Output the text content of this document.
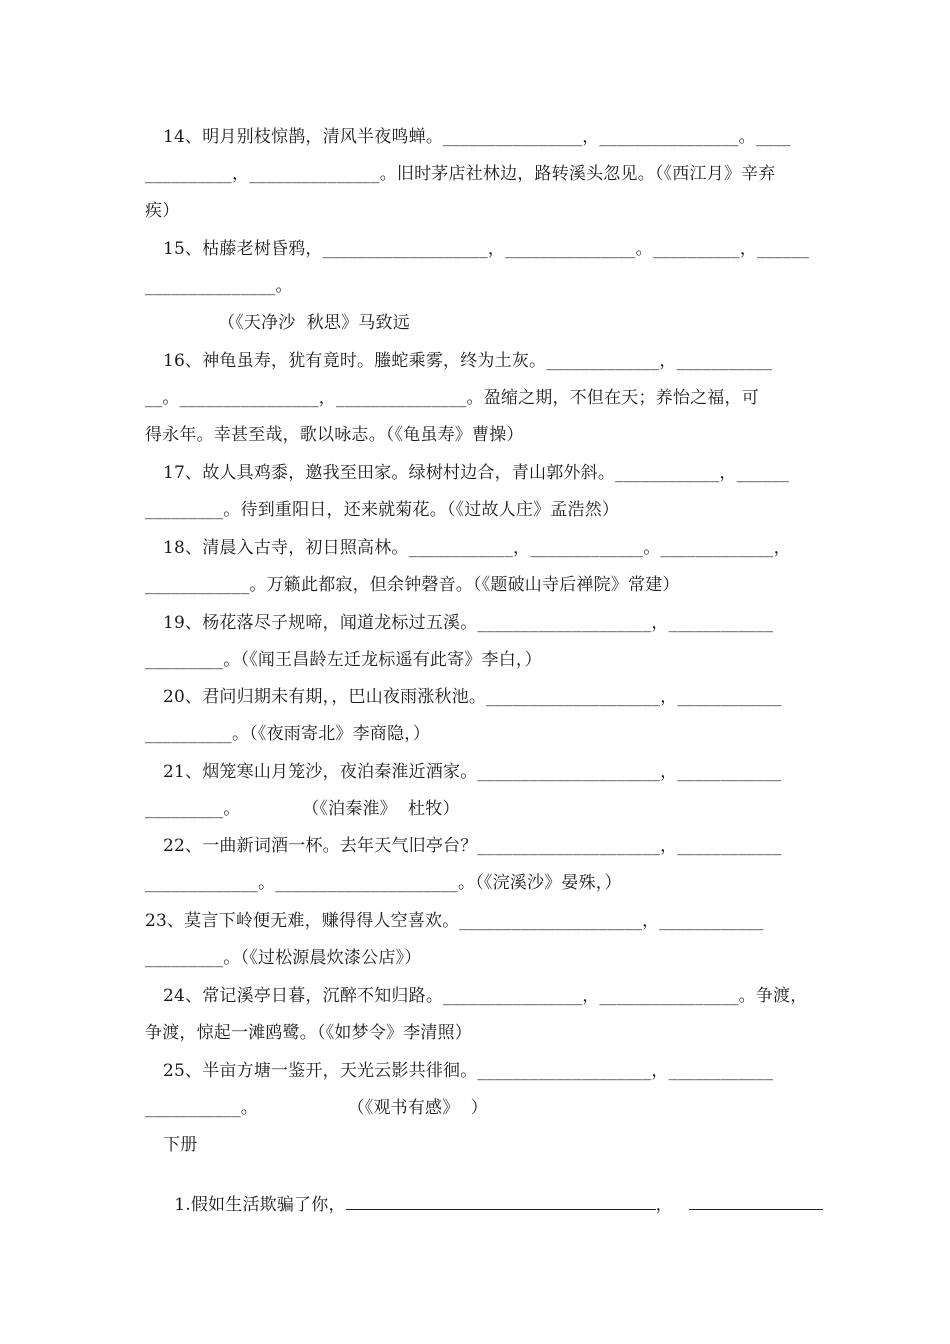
14、明月别枝惊鹊，清风半夜鸣蝉。________________，________________。____
__________，_______________。旧时茅店社林边，路转溪头忽见。（《西江月》辛弃
疾）
15、枯藤老树昏鸦，___________________，_______________。__________，______
_______________。
（《天净沙  秋思》马致远
16、神龟虽寿，犹有竟时。螣蛇乘雾，终为土灰。_____________，___________
__。________________，_______________。盈缩之期，不但在天；养怡之福，可
得永年。幸甚至哉，歌以咏志。（《龟虽寿》曹操）
17、故人具鸡黍，邀我至田家。绿树村边合，青山郭外斜。____________，______
_________。待到重阳日，还来就菊花。（《过故人庄》孟浩然）
18、清晨入古寺，初日照高林。____________，_____________。_____________，
____________。万籁此都寂，但余钟磬音。（《题破山寺后禅院》常建）
19、杨花落尽子规啼，闻道龙标过五溪。____________________，____________
_________。（《闻王昌龄左迁龙标遥有此寄》李白，）
20、君问归期未有期，，巴山夜雨涨秋池。____________________，____________
__________。（《夜雨寄北》李商隐，）
21、烟笼寒山月笼沙，夜泊秦淮近酒家。_____________________，____________
_________。           （《泊秦淮》  杜牧）
22、一曲新词酒一杯。去年天气旧亭台？_____________________，____________
_____________。_____________________。（《浣溪沙》晏殊，）
23、莫言下岭便无难，赚得得人空喜欢。_____________________，____________
_________。（《过松源晨炊漆公店》）
24、常记溪亭日暮，沉醉不知归路。________________，________________。争渡，
争渡，惊起一滩鸥鹭。（《如梦令》李清照）
25、半亩方塘一鉴开，天光云影共徘徊。____________________，____________
___________。                （《观书有感》  ）
下册

1.假如生活欺骗了你，	，
